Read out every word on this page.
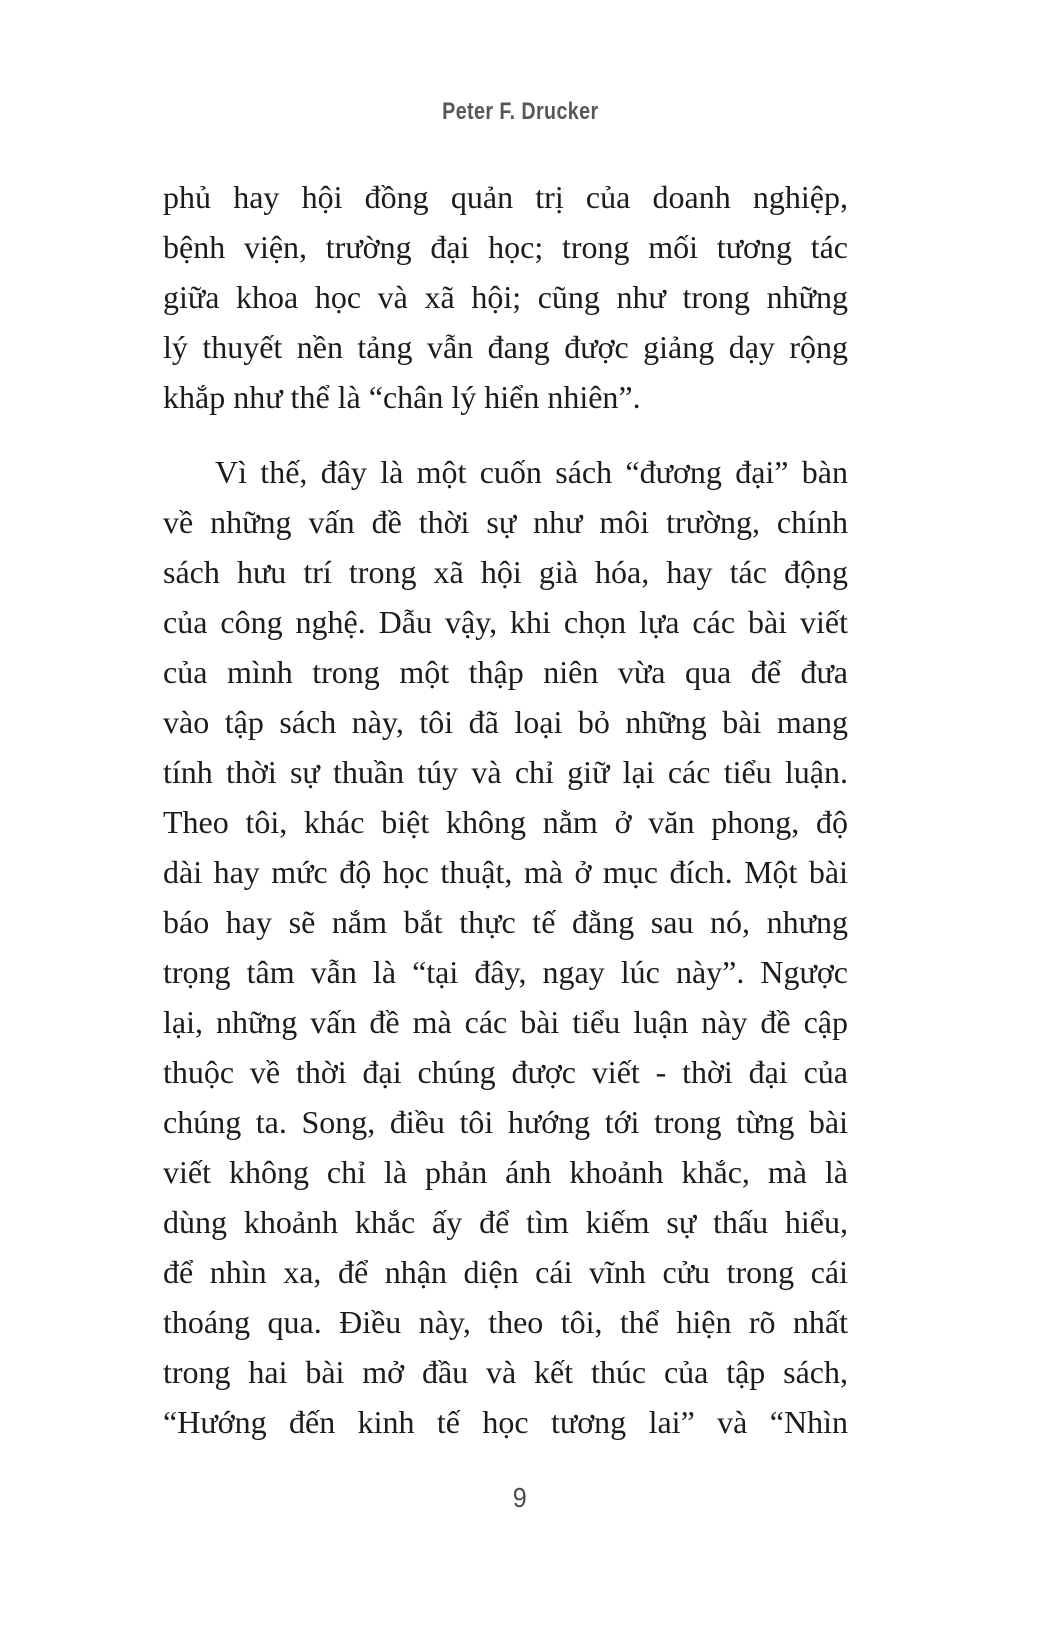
Peter F. Drucker
phủ hay hội đồng quản trị của doanh nghiệp,
bệnh viện, trường đại học; trong mối tương tác
giữa khoa học và xã hội; cũng như trong những
lý thuyết nền tảng vẫn đang được giảng dạy rộng
khắp như thể là “chân lý hiển nhiên”.
Vì thế, đây là một cuốn sách “đương đại” bàn
về những vấn đề thời sự như môi trường, chính
sách hưu trí trong xã hội già hóa, hay tác động
của công nghệ. Dẫu vậy, khi chọn lựa các bài viết
của mình trong một thập niên vừa qua để đưa
vào tập sách này, tôi đã loại bỏ những bài mang
tính thời sự thuần túy và chỉ giữ lại các tiểu luận.
Theo tôi, khác biệt không nằm ở văn phong, độ
dài hay mức độ học thuật, mà ở mục đích. Một bài
báo hay sẽ nắm bắt thực tế đằng sau nó, nhưng
trọng tâm vẫn là “tại đây, ngay lúc này”. Ngược
lại, những vấn đề mà các bài tiểu luận này đề cập
thuộc về thời đại chúng được viết - thời đại của
chúng ta. Song, điều tôi hướng tới trong từng bài
viết không chỉ là phản ánh khoảnh khắc, mà là
dùng khoảnh khắc ấy để tìm kiếm sự thấu hiểu,
để nhìn xa, để nhận diện cái vĩnh cửu trong cái
thoáng qua. Điều này, theo tôi, thể hiện rõ nhất
trong hai bài mở đầu và kết thúc của tập sách,
“Hướng đến kinh tế học tương lai” và “Nhìn
9
